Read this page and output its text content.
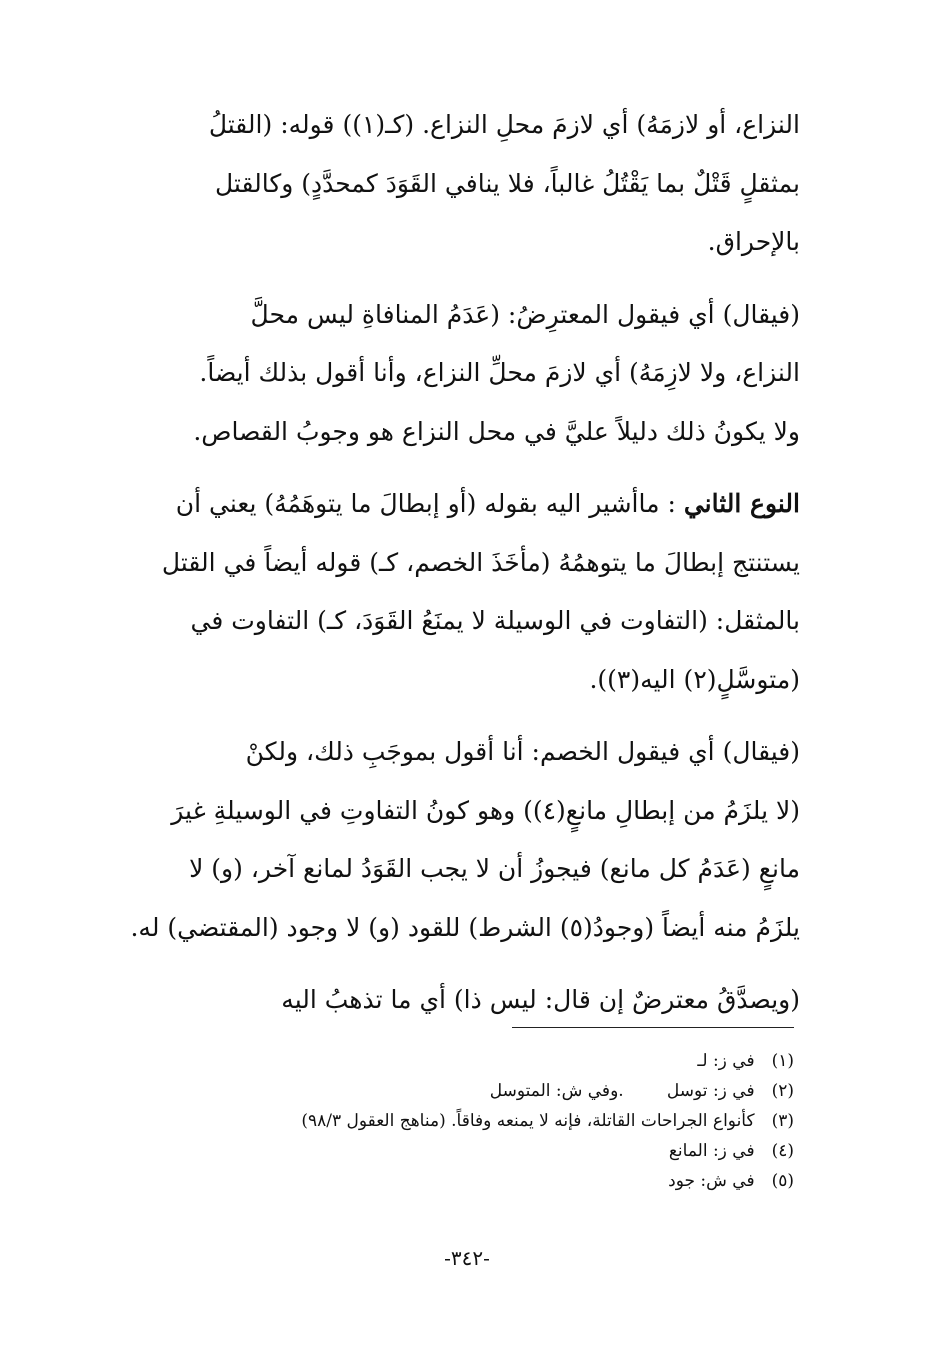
النزاع، أو لازمَهُ) أي لازمَ محلِ النزاع. (كـ(١)) قوله: (القتلُ
بمثقلٍ قَتْلٌ بما يَقْتُلُ غالباً، فلا ينافي القَوَدَ كمحدَّدٍ) وكالقتل
بالإحراق.

(فيقال) أي فيقول المعترِضُ: (عَدَمُ المنافاةِ ليس محلَّ
النزاع، ولا لازِمَهُ) أي لازمَ محلِّ النزاع، وأنا أقول بذلك أيضاً.
ولا يكونُ ذلك دليلاً عليَّ في محل النزاع هو وجوبُ القصاص.

النوع الثاني : ماأشير اليه بقوله (أو إبطالَ ما يتوهَمُهُ) يعني أن
يستنتج إبطالَ ما يتوهمُهُ (مأخَذَ الخصم، كـ) قوله أيضاً في القتل
بالمثقل: (التفاوت في الوسيلة لا يمنَعُ القَوَدَ، كـ) التفاوت في
(متوسَّلٍ(٢) اليه(٣)).

(فيقال) أي فيقول الخصم: أنا أقول بموجَبِ ذلك، ولكنْ
(لا يلزَمُ من إبطالِ مانعٍ(٤)) وهو كونُ التفاوتِ في الوسيلةِ غيرَ
مانعٍ (عَدَمُ كل مانع) فيجوزُ أن لا يجب القَوَدُ لمانع آخر، (و) لا
يلزَمُ منه أيضاً (وجودُ(٥) الشرط) للقود (و) لا وجود (المقتضي) له.

(ويصدَّقُ معترضٌ إن قال: ليس ذا) أي ما تذهبُ اليه

(١) في ز: لـ
(٢) في ز: توسل        .وفي ش: المتوسل
(٣) كأنواع الجراحات القاتلة، فإنه لا يمنعه وفاقاً. (مناهج العقول ٩٨/٣)
(٤) في ز: المانع
(٥) في ش: جود
-٣٤٢-
